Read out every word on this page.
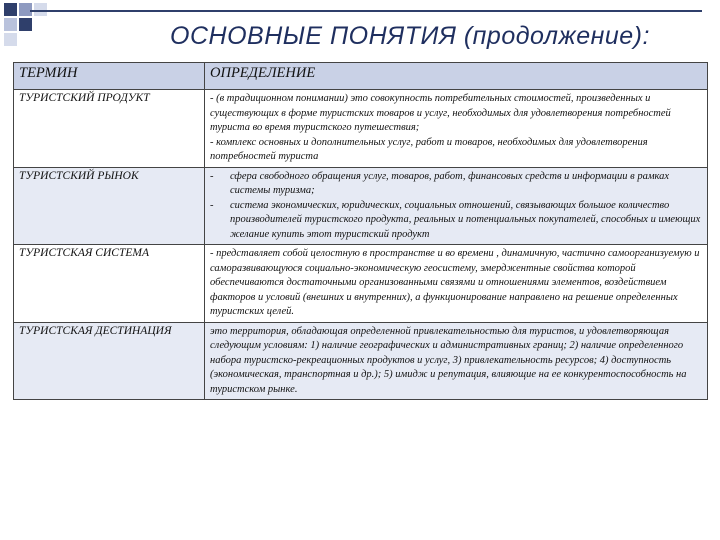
ОСНОВНЫЕ ПОНЯТИЯ (продолжение):
ТЕРМИН	ОПРЕДЕЛЕНИЕ
ТУРИСТСКИЙ ПРОДУКТ	- (в традиционном понимании) это совокупность потребительных стоимостей, произведенных и существующих в форме туристских товаров и услуг, необходимых для удовлетворения потребностей туриста во время туристского путешествия;

- комплекс основных и дополнительных услуг, работ и товаров, необходимых для удовлетворения потребностей туриста

ТУРИСТСКИЙ РЫНОК	- сфера свободного обращения услуг, товаров, работ, финансовых средств и информации в рамках системы туризма;
- система экономических, юридических, социальных отношений, связывающих большое количество производителей туристского продукта, реальных и потенциальных покупателей, способных и имеющих желание купить этот туристский продукт

ТУРИСТСКАЯ СИСТЕМА	- представляет собой целостную в пространстве и во времени , динамичную, частично самоорганизуемую и саморазвивающуюся социально-экономическую геосистему, эмерджентные свойства которой обеспечиваются достаточными организованными связями и отношениями элементов, воздействием факторов и условий (внешних и внутренних), а функционирование направлено на решение определенных туристских целей.
ТУРИСТСКАЯ ДЕСТИНАЦИЯ	это территория, обладающая определенной привлекательностью для туристов, и удовлетворяющая следующим условиям: 1) наличие географических и административных границ; 2) наличие определенного набора туристско-рекреационных продуктов и услуг, 3) привлекательность ресурсов; 4) доступность (экономическая, транспортная и др.); 5) имидж и репутация, влияющие на ее конкурентоспособность на туристском рынке.
